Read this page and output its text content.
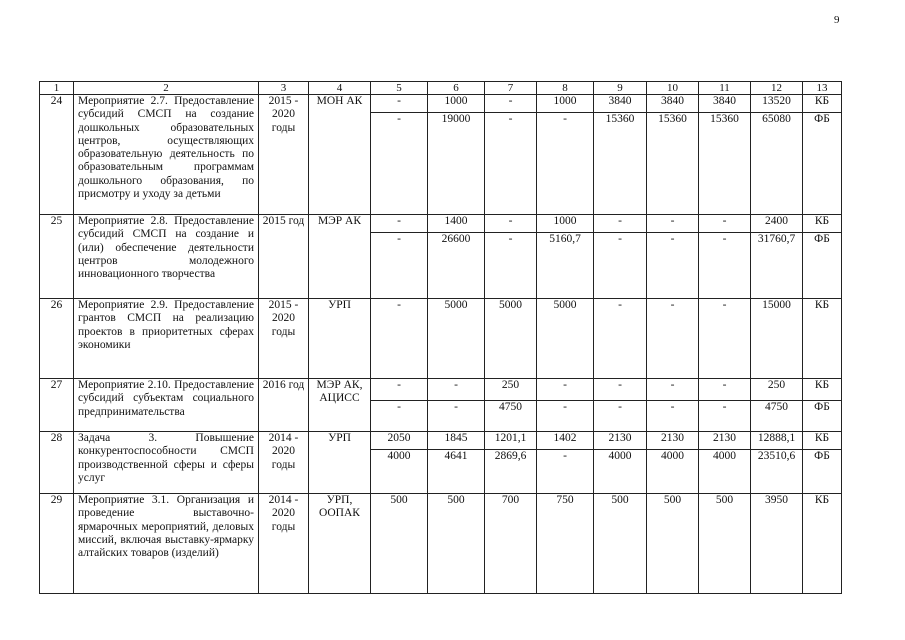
9
1	2	3	4	5	6	7	8	9	10	11	12	13
24	Мероприятие 2.7. Предоставление субсидий СМСП на создание дошкольных образовательных центров, осуществляющих образовательную деятельность по образовательным программам дошкольного образования, по присмотру и уходу за детьми	2015 - 2020 годы	МОН АК	-	1000	-	1000	3840	3840	3840	13520	КБ
				-	19000	-	-	15360	15360	15360	65080	ФБ
25	Мероприятие 2.8. Предоставление субсидий СМСП на создание и (или) обеспечение деятельности центров молодежного инновационного творчества	2015 год	МЭР АК	-	1400	-	1000	-	-	-	2400	КБ
				-	26600	-	5160,7	-	-	-	31760,7	ФБ
26	Мероприятие 2.9. Предоставление грантов СМСП на реализацию проектов в приоритетных сферах экономики	2015 - 2020 годы	УРП	-	5000	5000	5000	-	-	-	15000	КБ
27	Мероприятие 2.10. Предоставление субсидий субъектам социального предпринимательства	2016 год	МЭР АК, АЦИСС	-	-	250	-	-	-	-	250	КБ
				-	-	4750	-	-	-	-	4750	ФБ
28	Задача 3. Повышение конкурентоспособности СМСП производственной сферы и сферы услуг	2014 - 2020 годы	УРП	2050	1845	1201,1	1402	2130	2130	2130	12888,1	КБ
				4000	4641	2869,6	-	4000	4000	4000	23510,6	ФБ
29	Мероприятие 3.1. Организация и проведение выставочно-ярмарочных мероприятий, деловых миссий, включая выставку-ярмарку алтайских товаров (изделий)	2014 - 2020 годы	УРП, ООПАК	500	500	700	750	500	500	500	3950	КБ
